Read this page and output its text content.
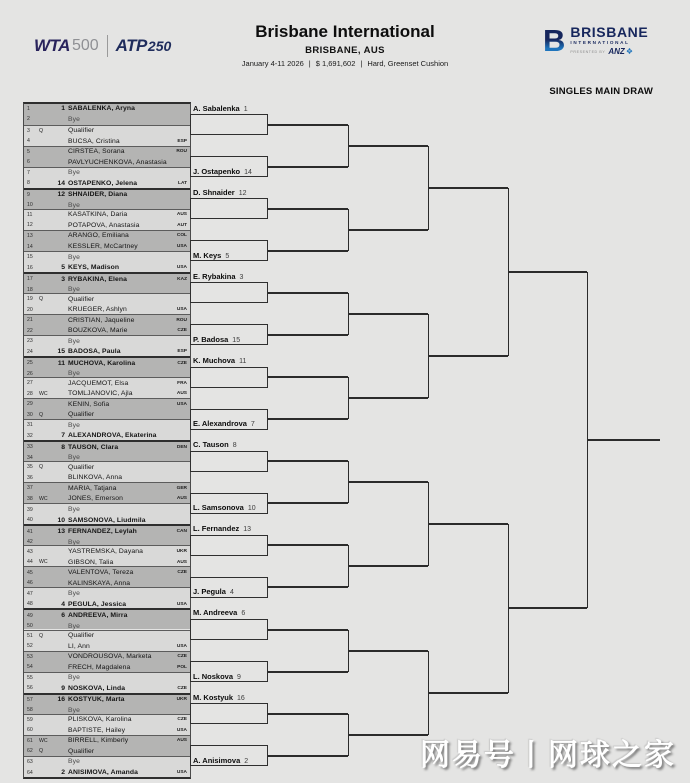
WTA 500 ATP 250
Brisbane International
BRISBANE, AUS
January 4-11 2026 | $ 1,691,602 | Hard, Greenset Cushion
B BRISBANE
INTERNATIONAL
PRESENTED BY ANZ ❖
SINGLES MAIN DRAW
1	1 SABALENKA, Aryna
2	Bye
3	Q	Qualifier
4	BUCSA, Cristina	ESP
5	CIRSTEA, Sorana	ROU
6	PAVLYUCHENKOVA, Anastasia
7	Bye
8	14 OSTAPENKO, Jelena	LAT
9	12 SHNAIDER, Diana
10	Bye
11	KASATKINA, Daria	AUS
12	POTAPOVA, Anastasia	AUT
13	ARANGO, Emiliana	COL
14	KESSLER, McCartney	USA
15	Bye
16	5 KEYS, Madison	USA
17	3 RYBAKINA, Elena	KAZ
18	Bye
19	Q	Qualifier
20	KRUEGER, Ashlyn	USA
21	CRISTIAN, Jaqueline	ROU
22	BOUZKOVA, Marie	CZE
23	Bye
24	15 BADOSA, Paula	ESP
25	11 MUCHOVA, Karolina	CZE
26	Bye
27	JACQUEMOT, Elsa	FRA
28	WC	TOMLJANOVIC, Ajla	AUS
29	KENIN, Sofia	USA
30	Q	Qualifier
31	Bye
32	7 ALEXANDROVA, Ekaterina
33	8 TAUSON, Clara	DEN
34	Bye
35	Q	Qualifier
36	BLINKOVA, Anna
37	MARIA, Tatjana	GER
38	WC	JONES, Emerson	AUS
39	Bye
40	10 SAMSONOVA, Liudmila
41	13 FERNANDEZ, Leylah	CAN
42	Bye
43	YASTREMSKA, Dayana	UKR
44	WC	GIBSON, Talia	AUS
45	VALENTOVA, Tereza	CZE
46	KALINSKAYA, Anna
47	Bye
48	4 PEGULA, Jessica	USA
49	6 ANDREEVA, Mirra
50	Bye
51	Q	Qualifier
52	LI, Ann	USA
53	VONDROUSOVA, Marketa	CZE
54	FRECH, Magdalena	POL
55	Bye
56	9 NOSKOVA, Linda	CZE
57	16 KOSTYUK, Marta	UKR
58	Bye
59	PLISKOVA, Karolina	CZE
60	BAPTISTE, Hailey	USA
61	WC	BIRRELL, Kimberly	AUS
62	Q	Qualifier
63	Bye
64	2 ANISIMOVA, Amanda	USA
A. Sabalenka 1
J. Ostapenko 14
D. Shnaider 12
M. Keys 5
E. Rybakina 3
P. Badosa 15
K. Muchova 11
E. Alexandrova 7
C. Tauson 8
L. Samsonova 10
L. Fernandez 13
J. Pegula 4
M. Andreeva 6
L. Noskova 9
M. Kostyuk 16
A. Anisimova 2	网易号丨网球之家
